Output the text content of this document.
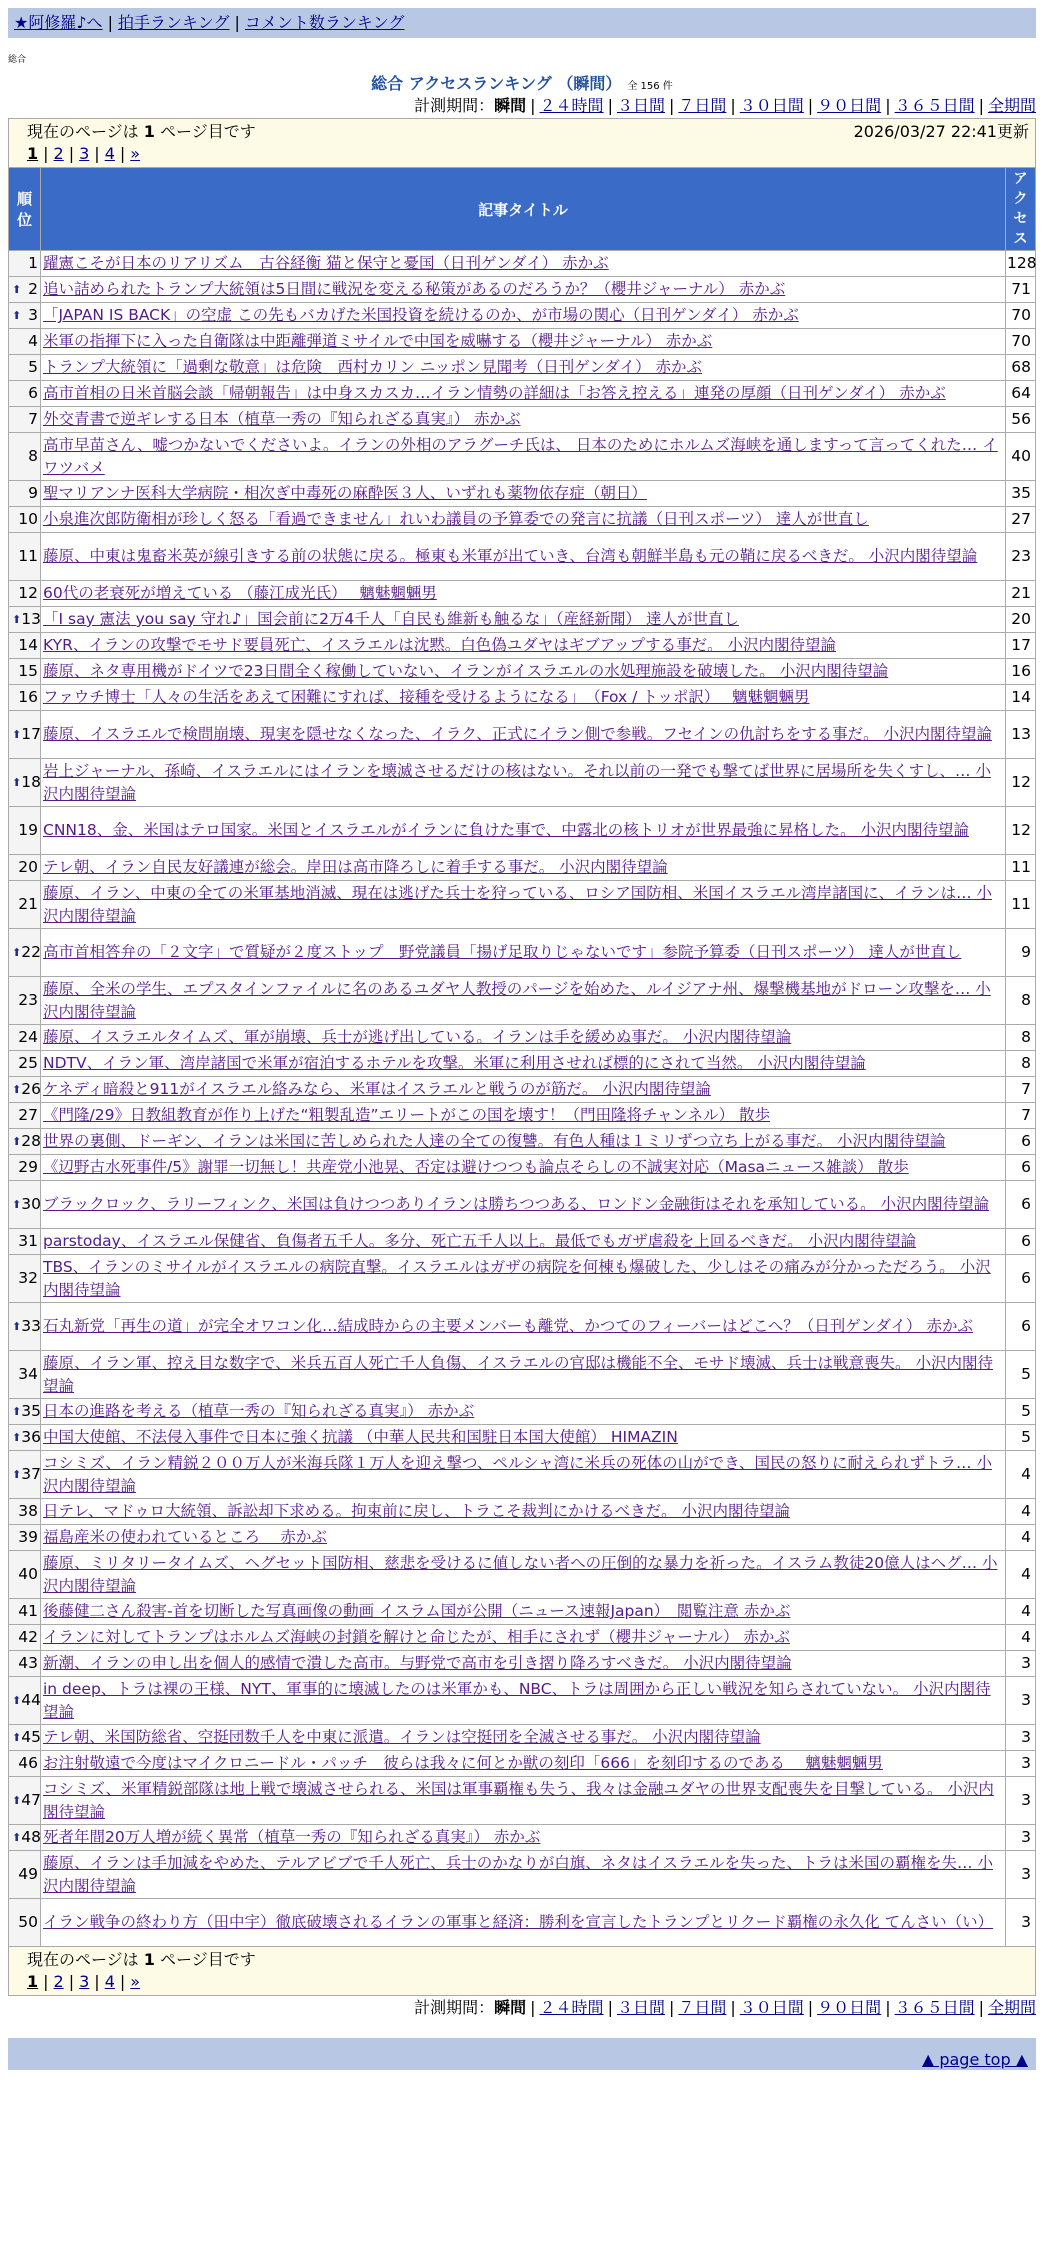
★阿修羅♪へ | 拍手ランキング | コメント数ランキング
総合
総合 アクセスランキング （瞬間） 全 156 件
計測期間：瞬間 | ２４時間 | ３日間 | ７日間 | ３０日間 | ９０日間 | ３６５日間 | 全期間
現在のページは 1 ページ目です	2026/03/27 22:41更新
1 | 2 | 3 | 4 | »
順位	記事タイトル	アクセス
1	躍憲こそが日本のリアリズム　古谷経衡 猫と保守と憂国（日刊ゲンダイ） 赤かぶ	128

⬆ 2	追い詰められたトランプ大統領は5日間に戦況を変える秘策があるのだろうか？（櫻井ジャーナル） 赤かぶ	71

⬆ 3	「JAPAN IS BACK」の空虚 この先もバカげた米国投資を続けるのか、が市場の関心（日刊ゲンダイ） 赤かぶ	70
4	米軍の指揮下に入った自衛隊は中距離弾道ミサイルで中国を威嚇する（櫻井ジャーナル） 赤かぶ	70
5	トランプ大統領に「過剰な敬意」は危険　西村カリン ニッポン見聞考（日刊ゲンダイ） 赤かぶ	68
6	高市首相の日米首脳会談「帰朝報告」は中身スカスカ…イラン情勢の詳細は「お答え控える」連発の厚顔（日刊ゲンダイ） 赤かぶ	64
7	外交青書で逆ギレする日本（植草一秀の『知られざる真実』） 赤かぶ	56
8	高市早苗さん、嘘つかないでくださいよ。イランの外相のアラグーチ氏は、 日本のためにホルムズ海峡を通しますって言ってくれた… イワツバメ	40
9	聖マリアンナ医科大学病院・相次ぎ中毒死の麻酔医３人、いずれも薬物依存症（朝日）	35
10	小泉進次郎防衛相が珍しく怒る「看過できません」れいわ議員の予算委での発言に抗議（日刊スポーツ） 達人が世直し	27
11	藤原、中東は鬼畜米英が線引きする前の状態に戻る。極東も米軍が出ていき、台湾も朝鮮半島も元の鞘に戻るべきだ。 小沢内閣待望論	23
12	60代の老衰死が増えている （藤江成光氏）　 魑魅魍魎男	21

⬆ 13	「I say 憲法 you say 守れ♪」国会前に2万4千人「自民も維新も触るな」（産経新聞） 達人が世直し	20
14	KYR、イランの攻撃でモサド要員死亡、イスラエルは沈黙。白色偽ユダヤはギブアップする事だ。 小沢内閣待望論	17
15	藤原、ネタ専用機がドイツで23日間全く稼働していない、イランがイスラエルの水処理施設を破壊した。 小沢内閣待望論	16
16	ファウチ博士「人々の生活をあえて困難にすれば、接種を受けるようになる」　（Fox / トッポ訳）　 魑魅魍魎男	14

⬆ 17	藤原、イスラエルで検問崩壊、現実を隠せなくなった、イラク、正式にイラン側で参戦。フセインの仇討ちをする事だ。 小沢内閣待望論	13

⬆ 18	岩上ジャーナル、孫崎、イスラエルにはイランを壊滅させるだけの核はない。それ以前の一発でも撃てば世界に居場所を失くすし、… 小沢内閣待望論	12
19	CNN18、金、米国はテロ国家。米国とイスラエルがイランに負けた事で、中露北の核トリオが世界最強に昇格した。 小沢内閣待望論	12
20	テレ朝、イラン自民友好議連が総会。岸田は高市降ろしに着手する事だ。 小沢内閣待望論	11
21	藤原、イラン、中東の全ての米軍基地消滅、現在は逃げた兵士を狩っている、ロシア国防相、米国イスラエル湾岸諸国に、イランは… 小沢内閣待望論	11

⬆ 22	高市首相答弁の「２文字」で質疑が２度ストップ　野党議員「揚げ足取りじゃないです」参院予算委（日刊スポーツ） 達人が世直し	9
23	藤原、全米の学生、エプスタインファイルに名のあるユダヤ人教授のパージを始めた、ルイジアナ州、爆撃機基地がドローン攻撃を… 小沢内閣待望論	8
24	藤原、イスラエルタイムズ、軍が崩壊、兵士が逃げ出している。イランは手を緩めぬ事だ。 小沢内閣待望論	8
25	NDTV、イラン軍、湾岸諸国で米軍が宿泊するホテルを攻撃。米軍に利用させれば標的にされて当然。 小沢内閣待望論	8

⬆ 26	ケネディ暗殺と911がイスラエル絡みなら、米軍はイスラエルと戦うのが筋だ。 小沢内閣待望論	7
27	《門隆/29》日教組教育が作り上げた“粗製乱造”エリートがこの国を壊す！（門田隆将チャンネル） 散歩	7

⬆ 28	世界の裏側、ドーギン、イランは米国に苦しめられた人達の全ての復讐。有色人種は１ミリずつ立ち上がる事だ。 小沢内閣待望論	6
29	《辺野古水死事件/5》謝罪一切無し！共産党小池晃、否定は避けつつも論点そらしの不誠実対応（Masaニュース雑談） 散歩	6

⬆ 30	ブラックロック、ラリーフィンク、米国は負けつつありイランは勝ちつつある、ロンドン金融街はそれを承知している。 小沢内閣待望論	6
31	parstoday、イスラエル保健省、負傷者五千人。多分、死亡五千人以上。最低でもガザ虐殺を上回るべきだ。 小沢内閣待望論	6
32	TBS、イランのミサイルがイスラエルの病院直撃。イスラエルはガザの病院を何棟も爆破した、少しはその痛みが分かっただろう。 小沢内閣待望論	6

⬆ 33	石丸新党「再生の道」が完全オワコン化…結成時からの主要メンバーも離党、かつてのフィーバーはどこへ？（日刊ゲンダイ） 赤かぶ	6
34	藤原、イラン軍、控え目な数字で、米兵五百人死亡千人負傷、イスラエルの官邸は機能不全、モサド壊滅、兵士は戦意喪失。 小沢内閣待望論	5

⬆ 35	日本の進路を考える（植草一秀の『知られざる真実』） 赤かぶ	5

⬆ 36	中国大使館、不法侵入事件で日本に強く抗議 （中華人民共和国駐日本国大使館） HIMAZIN	5

⬆ 37	コシミズ、イラン精鋭２００万人が米海兵隊１万人を迎え撃つ、ペルシャ湾に米兵の死体の山ができ、国民の怒りに耐えられずトラ… 小沢内閣待望論	4
38	日テレ、マドゥロ大統領、訴訟却下求める。拘束前に戻し、トラこそ裁判にかけるべきだ。 小沢内閣待望論	4
39	福島産米の使われているところ　 赤かぶ	4
40	藤原、ミリタリータイムズ、ヘグセット国防相、慈悲を受けるに値しない者への圧倒的な暴力を祈った。イスラム教徒20億人はヘグ… 小沢内閣待望論	4
41	後藤健二さん殺害-首を切断した写真画像の動画 イスラム国が公開（ニュース速報Japan）　閲覧注意 赤かぶ	4
42	イランに対してトランプはホルムズ海峡の封鎖を解けと命じたが、相手にされず（櫻井ジャーナル） 赤かぶ	4
43	新潮、イランの申し出を個人的感情で潰した高市。与野党で高市を引き摺り降ろすべきだ。 小沢内閣待望論	3

⬆ 44	in deep、トラは裸の王様、NYT、軍事的に壊滅したのは米軍かも、NBC、トラは周囲から正しい戦況を知らされていない。 小沢内閣待望論	3

⬆ 45	テレ朝、米国防総省、空挺団数千人を中東に派遣。イランは空挺団を全滅させる事だ。 小沢内閣待望論	3
46	お注射敬遠で今度はマイクロニードル・パッチ　彼らは我々に何とか獣の刻印「666」を刻印するのである　 魑魅魍魎男	3

⬆ 47	コシミズ、米軍精鋭部隊は地上戦で壊滅させられる、米国は軍事覇権も失う、我々は金融ユダヤの世界支配喪失を目撃している。 小沢内閣待望論	3

⬆ 48	死者年間20万人増が続く異常（植草一秀の『知られざる真実』） 赤かぶ	3
49	藤原、イランは手加減をやめた、テルアビブで千人死亡、兵士のかなりが白旗、ネタはイスラエルを失った、トラは米国の覇権を失… 小沢内閣待望論	3
50	イラン戦争の終わり方（田中宇）徹底破壊されるイランの軍事と経済：勝利を宣言したトランプとリクード覇権の永久化 てんさい（い）	3
現在のページは 1 ページ目です
1 | 2 | 3 | 4 | »
計測期間：瞬間 | ２４時間 | ３日間 | ７日間 | ３０日間 | ９０日間 | ３６５日間 | 全期間
▲ page top ▲
